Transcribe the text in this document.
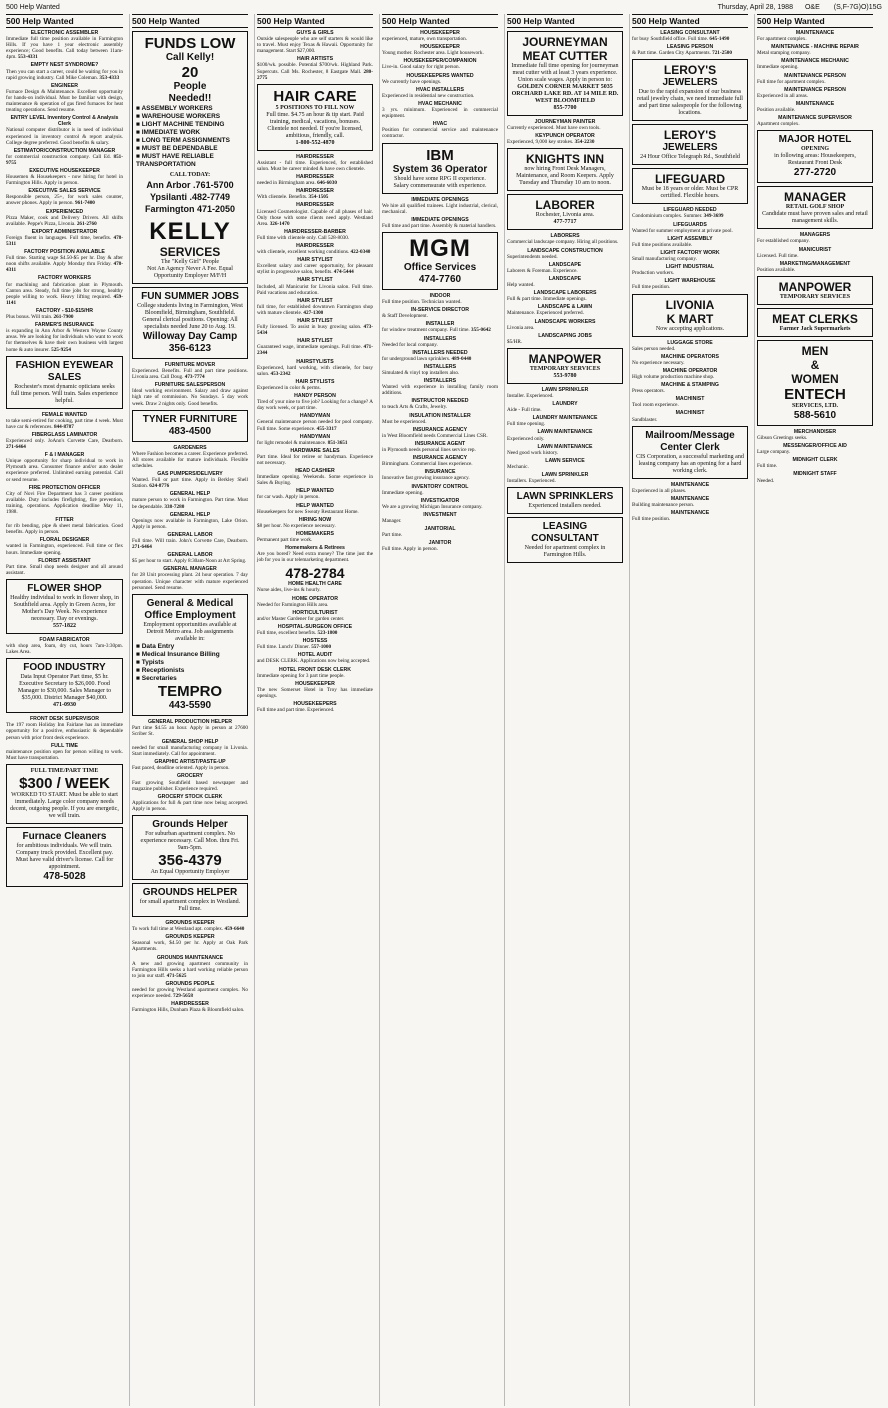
500 Help Wanted	Thursday, April 28, 1988 O&E (S,F-7G)O)15G
500 Help Wanted
ELECTRONIC ASSEMBLER
Immediate full time position available in Farmington Hills. If you have 1 year electronic assembly experience; Good benefits. Call today between 11am-4pm. 553-4331
EMPTY NEST SYNDROME?
Then you can start a career, could be waiting for you in rapid growing industry. Call Mike Coleman. 353-4333
ENGINEER
Furnace Design & Maintenance. Excellent opportunity for hands-on individual. Must be familiar with design, maintenance & operation of gas fired furnaces for heat treating operations. Send resume.
ENTRY LEVEL Inventory Control & Analysis Clerk
National computer distributor is in need of individual experienced in inventory control & report analysis. College degree preferred. Good benefits & salary.
ESTIMATOR/CONSTRUCTION MANAGER
for commercial construction company. Call Ed. 851-9755
EXECUTIVE HOUSEKEEPER
Housemen & Housekeepers - now hiring for hotel in Farmington Hills. Apply in person.
EXECUTIVE SALES SERVICE
Responsible person, 25+, for work sales counter, answer phones. Apply in person. 961-7400
EXPERIENCED
Pizza Maker, cook and Delivery Drivers. All shifts available. Peppe's Pizza, Livonia. 261-2760
EXPORT ADMINISTRATOR
Foreign fluent in languages. Full time, benefits. 478-5311
FACTORY POSITION AVAILABLE
Full time. Starting wage $4.50-$5 per hr. Day & after noon shifts available. Apply Monday thru Friday. 478-4311
FACTORY WORKERS
for machining and fabrication plant in Plymouth. Canton area. Steady, full time jobs for strong, healthy people willing to work. Heavy lifting required. 459-1141
FACTORY - $10-$15/HR
Plus bonus. Will train. 261-7900
FARMER'S INSURANCE
is expanding in Ann Arbor & Western Wayne County areas. We are looking for individuals who want to work for themselves & have their own business with largest home & auto insurer. 525-9254
FASHION EYEWEAR
SALES
Rochester's most dynamic opticians seeks full time person. Will train. Sales experience helpful.
FEMALE WANTED
to take semi-retired for cooking, part time 4 week. Must have car & references. 844-8787
FIBERGLASS LAMINATOR
Experienced only. JoAnn's Corvette Care, Dearborn. 271-6464
F & I MANAGER
Unique opportunity for sharp individual to work in Plymouth area. Consumer finance and/or auto dealer experience preferred. Unlimited earning potential. Call or send resume.
FIRE PROTECTION OFFICER
City of Novi Fire Department has 3 career positions available. Duty includes firefighting, fire prevention, training, operations. Application deadline May 11, 1988.
FITTER
for rib bending, pipe & sheet metal fabrication. Good benefits. Apply in person.
FLORAL DESIGNER
wanted in Farmington, experienced. Full time or flex hours. Immediate opening.
FLORIST ASSISTANT
Part time. Small shop needs designer and all around assistant.
FLOWER SHOP
Healthy individual to work in flower shop, in Southfield area. Apply in Green Acres, for Mother's Day Week. No experience necessary. Day or evenings.
557-1822
FOAM FABRICATOR
with shop area, foam, dry cut, hours 7am-3:30pm. Lakes Area.
FOOD INDUSTRY
Data Input Operator Part time, $5 hr. Executive Secretary to $26,000. Food Manager to $30,000. Sales Manager to $35,000. District Manager $40,000.
471-0930
FRONT DESK SUPERVISOR
The 197 room Holiday Inn Fairlane has an immediate opportunity for a positive, enthusiastic & dependable person with prior front desk experience.
FULL TIME
maintenance position open for person willing to work. Must have transportation.
FULL TIME/PART TIME
$300 / WEEK
WORKED TO START. Must be able to start immediately. Large color company needs decent, outgoing people. If you are energetic, we will train.
Furnace Cleaners
for ambitious individuals. We will train. Company truck provided. Excellent pay. Must have valid driver's license. Call for appointment.
478-5028
500 Help Wanted
FUNDS LOW
Call Kelly!
20
People
Needed!!
■ ASSEMBLY WORKERS
■ WAREHOUSE WORKERS
■ LIGHT MACHINE TENDING
■ IMMEDIATE WORK
■ LONG TERM ASSIGNMENTS
■ MUST BE DEPENDABLE
■ MUST HAVE RELIABLE TRANSPORTATION
CALL TODAY:
Ann Arbor .761-5700
Ypsilanti .482-7749
Farmington 471-2050
KELLY
SERVICES
The "Kelly Girl" People
Not An Agency Never A Fee. Equal Opportunity Employer M/F/H
FUN SUMMER JOBS
College students living in Farmington, West Bloomfield, Birmingham, Southfield. General clerical positions. Opening: All specialists needed June 20 to Aug. 19.
Willoway Day Camp
356-6123
FURNITURE MOVER
Experienced. Benefits. Full and part time positions. Livonia area. Call Doug. 473-7774
FURNITURE SALESPERSON
Ideal working environment. Salary and draw against high rate of commission. No Sundays. 5 day work week. Draw 2 nights only. Good benefits.
TYNER FURNITURE
483-4500
GARDENERS
Where Fashion becomes a career. Experience preferred. All stores available for mature individuals. Flexible schedules.
GAS PUMPERS/DELIVERY
Wanted. Full or part time. Apply in Berkley Shell Station. 624-8776
GENERAL HELP
mature person to work in Farmington. Part time. Must be dependable. 338-7280
GENERAL HELP
Openings now available in Farmington, Lake Orion. Apply in person.
GENERAL LABOR
Full time. Will train. John's Corvette Care, Dearborn. 271-6464
GENERAL LABOR
$5 per hour to start. Apply 8:30am-Noon at Art Spring.
GENERAL MANAGER
for 28 Unit processing plant. 24 hour operation. 7 day operation. Unique character with mature experienced personnel. Send resume.
General & Medical Office Employment
Employment opportunities available at Detroit Metro area. Job assignments available in:
■ Data Entry
■ Medical Insurance Billing
■ Typists
■ Receptionists
■ Secretaries
TEMPRO
443-5590
GENERAL PRODUCTION HELPER
Part time $4.55 an hour. Apply in person at 27600 Scriber St.
GENERAL SHOP HELP
needed for small manufacturing company in Livonia. Start immediately. Call for appointment.
GRAPHIC ARTIST/PASTE-UP
Fast paced, deadline oriented. Apply in person.
GROCERY
Fast growing Southfield based newspaper and magazine publisher. Experience required.
GROCERY STOCK CLERK
Applications for full & part time now being accepted. Apply in person.
Grounds Helper
For suburban apartment complex. No experience necessary. Call Mon. thru Fri. 9am-5pm.
356-4379
An Equal Opportunity Employer
GROUNDS HELPER
for small apartment complex in Westland. Full time.
GROUNDS KEEPER
To work full time at Westland apt. complex. 459-6640
GROUNDS KEEPER
Seasonal work, $4.50 per hr. Apply at Oak Park Apartments.
GROUNDS MAINTENANCE
A new and growing apartment community in Farmington Hills seeks a hard working reliable person to join our staff. 471-5625
GROUNDS PEOPLE
needed for growing Westland apartment complex. No experience needed. 729-5658
HAIRDRESSER
Farmington Hills, Dunham Plaza & Bloomfield salon.
500 Help Wanted
GUYS & GIRLS
Outside salespeople who are self starters & would like to travel. Must enjoy Texas & Hawaii. Opportunity for management. Start $27,000.
HAIR ARTISTS
$100/wk. possible. Potential $700/wk. Highland Park. Supercuts. Call Ms. Rochester, 8 Eastgate Mall. 280-2775
HAIR CARE
5 POSITIONS TO FILL NOW
Full time. $4.75 an hour & tip start. Paid training, medical, vacations, bonuses. Clientele not needed. If you're licensed, ambitious, friendly, call.
1-800-552-4870
HAIRDRESSER
Assistant - full time. Experienced, for established salon. Must be career minded & have own clientele.
HAIRDRESSER
needed in Birmingham area. 646-6030
HAIRDRESSER
With clientele. Benefits. 354-1505
HAIRDRESSER
Licensed Cosmetologist. Capable of all phases of hair. Only those with some clients need apply. Westland Area. 326-1470
HAIRDRESSER-BARBER
Full time with clientele only. Call 528-8030.
HAIRDRESSER
with clientele, excellent working conditions. 422-0340
HAIR STYLIST
Excellent salary and career opportunity, for pleasant stylist in progressive salon, benefits. 474-5444
HAIR STYLIST
Included, all Manicurist for Livonia salon. Full time. Paid vacations and education.
HAIR STYLIST
full time, for established downtown Farmington shop with mature clientele. 427-1300
HAIR STYLIST
Fully licensed. To assist in busy growing salon. 473-5434
HAIR STYLIST
Guaranteed wage, immediate openings. Full time. 471-2344
HAIRSTYLISTS
Experienced, hard working, with clientele, for busy salon. 453-2342
HAIR STYLISTS
Experienced in color & perms.
HANDY PERSON
Tired of your nine to five job? Looking for a change? A day work week, or part time.
HANDYMAN
General maintenance person needed for pool company. Full time. Some experience. 455-3317
HANDYMAN
for light remodel & maintenance. 851-3651
HARDWARE SALES
Part time. Ideal for retiree or handyman. Experience not necessary.
HEAD CASHIER
Immediate opening. Weekends. Some experience in Sales & Buying.
HELP WANTED
for car wash. Apply in person.
HELP WANTED
Housekeepers for new Sweaty Restaurant Home.
HIRING NOW
$8 per hour. No experience necessary.
HOMEMAKERS
Permanent part time work.
Homemakers & Retirees
Are you bored? Need extra money? The time just the job for you in our telemarketing department.
478-2784
HOME HEALTH CARE
Nurse aides, live-ins & hourly.
HOME OPERATOR
Needed for Farmington Hills area.
HORTICULTURIST
and/or Master Gardener for garden center.
HOSPITAL-SURGEON OFFICE
Full time, excellent benefits. 523-1800
HOSTESS
Full time. Lunch/ Dinner. 557-1000
HOTEL AUDIT
and DESK CLERK. Applications now being accepted.
HOTEL FRONT DESK CLERK
Immediate opening for 3 part time people.
HOUSEKEEPER
The new Somerset Hotel in Troy has immediate openings.
HOUSEKEEPERS
Full time and part time. Experienced.
500 Help Wanted
HOUSEKEEPER
experienced, mature, own transportation.
HOUSEKEEPER
Young mother. Rochester area. Light housework.
HOUSEKEEPER/COMPANION
Live-in. Good salary for right person.
HOUSEKEEPERS WANTED
We currently have openings.
HVAC INSTALLERS
Experienced in residential new construction.
HVAC MECHANIC
3 yrs. minimum. Experienced in commercial equipment.
HVAC
Position for commercial service and maintenance contractor.
IBM
System 36 Operator
Should have some RPG II experience. Salary commensurate with experience.
IMMEDIATE OPENINGS
We hire all qualified trainees. Light industrial, clerical, mechanical.
IMMEDIATE OPENINGS
Full time and part time. Assembly & material handlers.
MGM
Office Services
474-7760
INDOOR
Full time position. Technician wanted.
IN-SERVICE DIRECTOR
& Staff Development.
INSTALLER
for window treatment company. Full time. 355-0642
INSTALLERS
Needed for local company.
INSTALLERS NEEDED
for underground lawn sprinklers. 489-0440
INSTALLERS
Simulated & vinyl top installers also.
INSTALLERS
Wanted with experience in installing family room additions.
INSTRUCTOR NEEDED
to teach Arts & Crafts, Jewelry.
INSULATION INSTALLER
Must be experienced.
INSURANCE AGENCY
in West Bloomfield needs Commercial Lines CSR.
INSURANCE AGENT
in Plymouth needs personal lines service rep.
INSURANCE AGENCY
Birmingham. Commercial lines experience.
INSURANCE
Innovative fast growing insurance agency.
INVENTORY CONTROL
Immediate opening.
INVESTIGATOR
We are a growing Michigan Insurance company.
INVESTMENT
Manager.
JANITORIAL
Part time.
JANITOR
Full time. Apply in person.
500 Help Wanted
JOURNEYMAN
MEAT CUTTER
Immediate full time opening for journeyman meat cutter with at least 3 years experience. Union scale wages. Apply in person to:
GOLDEN CORNER MARKET 5035 ORCHARD LAKE RD. AT 14 MILE RD. WEST BLOOMFIELD
855-7700
JOURNEYMAN PAINTER
Currently experienced. Must have own tools.
KEYPUNCH OPERATOR
Experienced, 9,000 key strokes. 354-2230
KNIGHTS INN
now hiring Front Desk Managers, Maintenance, and Room Keepers. Apply Tuesday and Thursday 10 am to noon.
LABORER
Rochester, Livonia area.
477-7717
LABORERS
Commercial landscape company. Hiring all positions.
LANDSCAPE CONSTRUCTION
Superintendents needed.
LANDSCAPE
Laborers & Foreman. Experience.
LANDSCAPE
Help wanted.
LANDSCAPE LABORERS
Full & part time. Immediate openings.
LANDSCAPE & LAWN
Maintenance. Experienced preferred.
LANDSCAPE WORKERS
Livonia area.
LANDSCAPING JOBS
$5/HR.
MANPOWER
TEMPORARY SERVICES
553-9780
LAWN SPRINKLER
Installer. Experienced.
LAUNDRY
Aide - Full time.
LAUNDRY MAINTENANCE
Full time opening.
LAWN MAINTENANCE
Experienced only.
LAWN MAINTENANCE
Need good work history.
LAWN SERVICE
Mechanic.
LAWN SPRINKLER
Installers. Experienced.
LAWN SPRINKLERS
Experienced installers needed.
LEASING CONSULTANT
Needed for apartment complex in Farmington Hills.
500 Help Wanted
LEASING CONSULTANT
for busy Southfield office. Full time. 645-1490
LEASING PERSON
& Part time. Garden City Apartments. 721-2500
LEROY'S
JEWELERS
Due to the rapid expansion of our business retail jewelry chain, we need immediate full and part time salespeople for the following locations.
LEROY'S
JEWELERS
24 Hour Office Telegraph Rd., Southfield
LIFEGUARD
Must be 18 years or older. Must be CPR certified. Flexible hours.
LIFEGUARD NEEDED
Condominium complex. Summer. 349-3699
LIFEGUARDS
Wanted for summer employment at private pool.
LIGHT ASSEMBLY
Full time positions available.
LIGHT FACTORY WORK
Small manufacturing company.
LIGHT INDUSTRIAL
Production workers.
LIGHT WAREHOUSE
Full time position.
LIVONIA
K MART
Now accepting applications.
LUGGAGE STORE
Sales person needed.
MACHINE OPERATORS
No experience necessary.
MACHINE OPERATOR
High volume production machine shop.
MACHINE & STAMPING
Press operators.
MACHINIST
Tool room experience.
MACHINIST
Sandblaster.
Mailroom/Message Center Clerk
CIS Corporation, a successful marketing and leasing company has an opening for a hard working clerk.
MAINTENANCE
Experienced in all phases.
MAINTENANCE
Building maintenance person.
MAINTENANCE
Full time position.
500 Help Wanted
MAINTENANCE
For apartment complex.
MAINTENANCE - MACHINE REPAIR
Metal stamping company.
MAINTENANCE MECHANIC
Immediate opening.
MAINTENANCE PERSON
Full time for apartment complex.
MAINTENANCE PERSON
Experienced in all areas.
MAINTENANCE
Position available.
MAINTENANCE SUPERVISOR
Apartment complex.
MAJOR HOTEL
OPENING
in following areas: Housekeepers, Restaurant Front Desk
277-2720
MANAGER
RETAIL GOLF SHOP
Candidate must have proven sales and retail management skills.
MANAGERS
For established company.
MANICURIST
Licensed. Full time.
MARKETING/MANAGEMENT
Position available.
MANPOWER
TEMPORARY SERVICES
MEAT CLERKS
Farmer Jack Supermarkets
MEN
&
WOMEN
ENTECH
SERVICES, LTD.
588-5610
MERCHANDISER
Gibson Greetings seeks.
MESSENGER/OFFICE AID
Large company.
MIDNIGHT CLERK
Full time.
MIDNIGHT STAFF
Needed.
